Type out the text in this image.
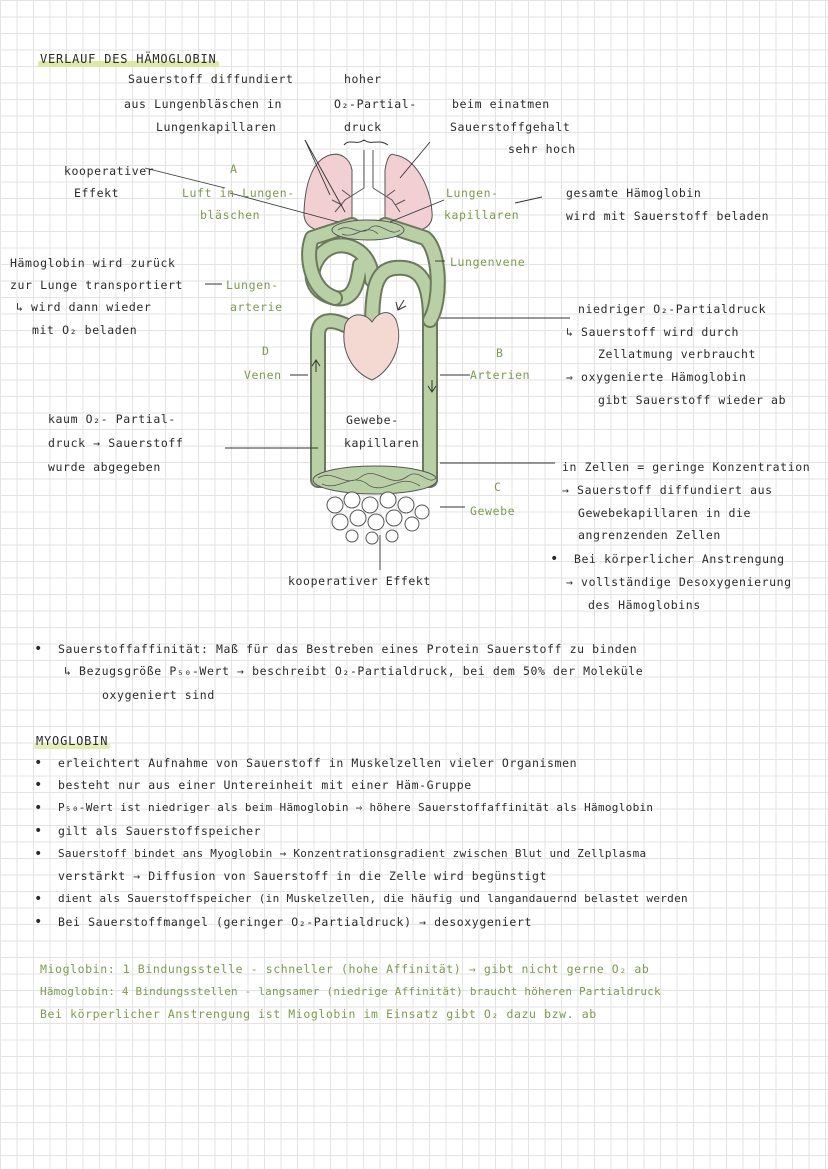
VERLAUF DES HÄMOGLOBIN
Sauerstoff diffundiert
aus Lungenbläschen in
Lungenkapillaren
hoher
O₂-Partial-
druck
beim einatmen
Sauerstoffgehalt
sehr hoch
kooperativer
Effekt
A
Luft in Lungen-
bläschen
Lungen-
kapillaren
gesamte Hämoglobin
wird mit Sauerstoff beladen
Hämoglobin wird zurück
zur Lunge transportiert
↳ wird dann wieder
mit O₂ beladen
Lungen-
arterie
Lungenvene
niedriger O₂-Partialdruck
↳ Sauerstoff wird durch
Zellatmung verbraucht
⇒ oxygenierte Hämoglobin
gibt Sauerstoff wieder ab
D
Venen
B
Arterien
kaum O₂- Partial-
druck → Sauerstoff
wurde abgegeben
Gewebe-
kapillaren
in Zellen = geringe Konzentration
→ Sauerstoff diffundiert aus
Gewebekapillaren in die
angrenzenden Zellen
C
Gewebe
• Bei körperlicher Anstrengung
→ vollständige Desoxygenierung
des Hämoglobins
kooperativer Effekt
• Sauerstoffaffinität: Maß für das Bestreben eines Protein Sauerstoff zu binden
↳ Bezugsgröße P₅₀-Wert → beschreibt O₂-Partialdruck, bei dem 50% der Moleküle
oxygeniert sind
MYOGLOBIN
• erleichtert Aufnahme von Sauerstoff in Muskelzellen vieler Organismen
• besteht nur aus einer Untereinheit mit einer Häm-Gruppe
• P₅₀-Wert ist niedriger als beim Hämoglobin ⇒ höhere Sauerstoffaffinität als Hämoglobin
• gilt als Sauerstoffspeicher
• Sauerstoff bindet ans Myoglobin → Konzentrationsgradient zwischen Blut und Zellplasma
verstärkt → Diffusion von Sauerstoff in die Zelle wird begünstigt
• dient als Sauerstoffspeicher (in Muskelzellen, die häufig und langandauernd belastet werden
• Bei Sauerstoffmangel (geringer O₂-Partialdruck) → desoxygeniert
Mioglobin: 1 Bindungsstelle - schneller (hohe Affinität) → gibt nicht gerne O₂ ab
Hämoglobin: 4 Bindungsstellen - langsamer (niedrige Affinität) braucht höheren Partialdruck
Bei körperlicher Anstrengung ist Mioglobin im Einsatz gibt O₂ dazu bzw. ab
